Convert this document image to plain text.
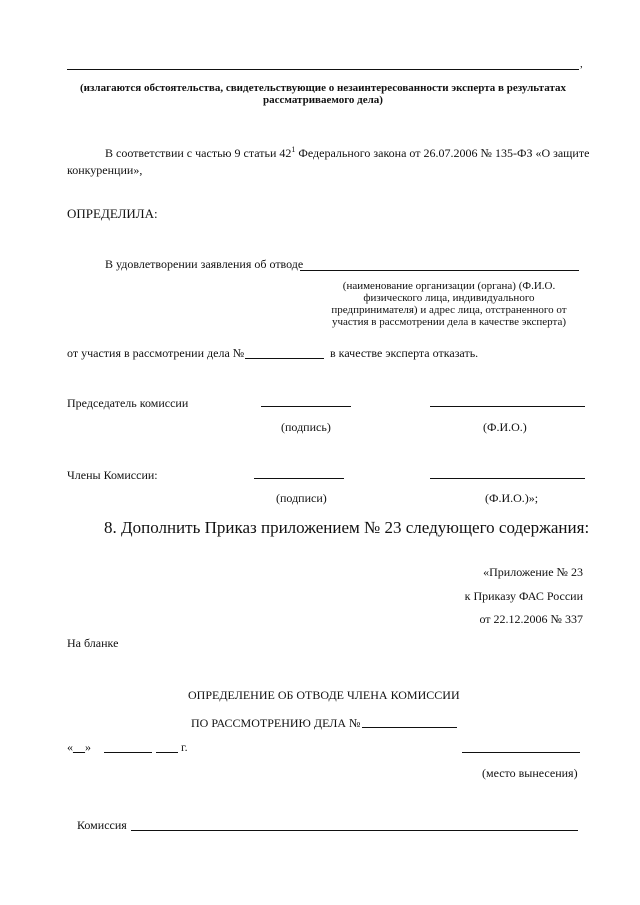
,
(излагаются обстоятельства, свидетельствующие о незаинтересованности эксперта в результатах
рассматриваемого дела)
В соответствии с частью 9 статьи $42^1$ Федерального закона от 26.07.2006 № 135-ФЗ «О защите
конкуренции»,
ОПРЕДЕЛИЛА:
В удовлетворении заявления об отводе
(наименование организации (органа) (Ф.И.О.
физического лица, индивидуального
предпринимателя) и адрес лица, отстраненного от
участия в рассмотрении дела в качестве эксперта)
от участия в рассмотрении дела №	в качестве эксперта отказать.
Председатель комиссии
(подпись)	(Ф.И.О.)
Члены Комиссии:
(подписи)	(Ф.И.О.)»;
8. Дополнить Приказ приложением № 23 следующего содержания:
«Приложение № 23
к Приказу ФАС России
от 22.12.2006 № 337
На бланке
ОПРЕДЕЛЕНИЕ ОБ ОТВОДЕ ЧЛЕНА КОМИССИИ
ПО РАССМОТРЕНИЮ ДЕЛА №
«__»	г.
(место вынесения)
Комиссия
